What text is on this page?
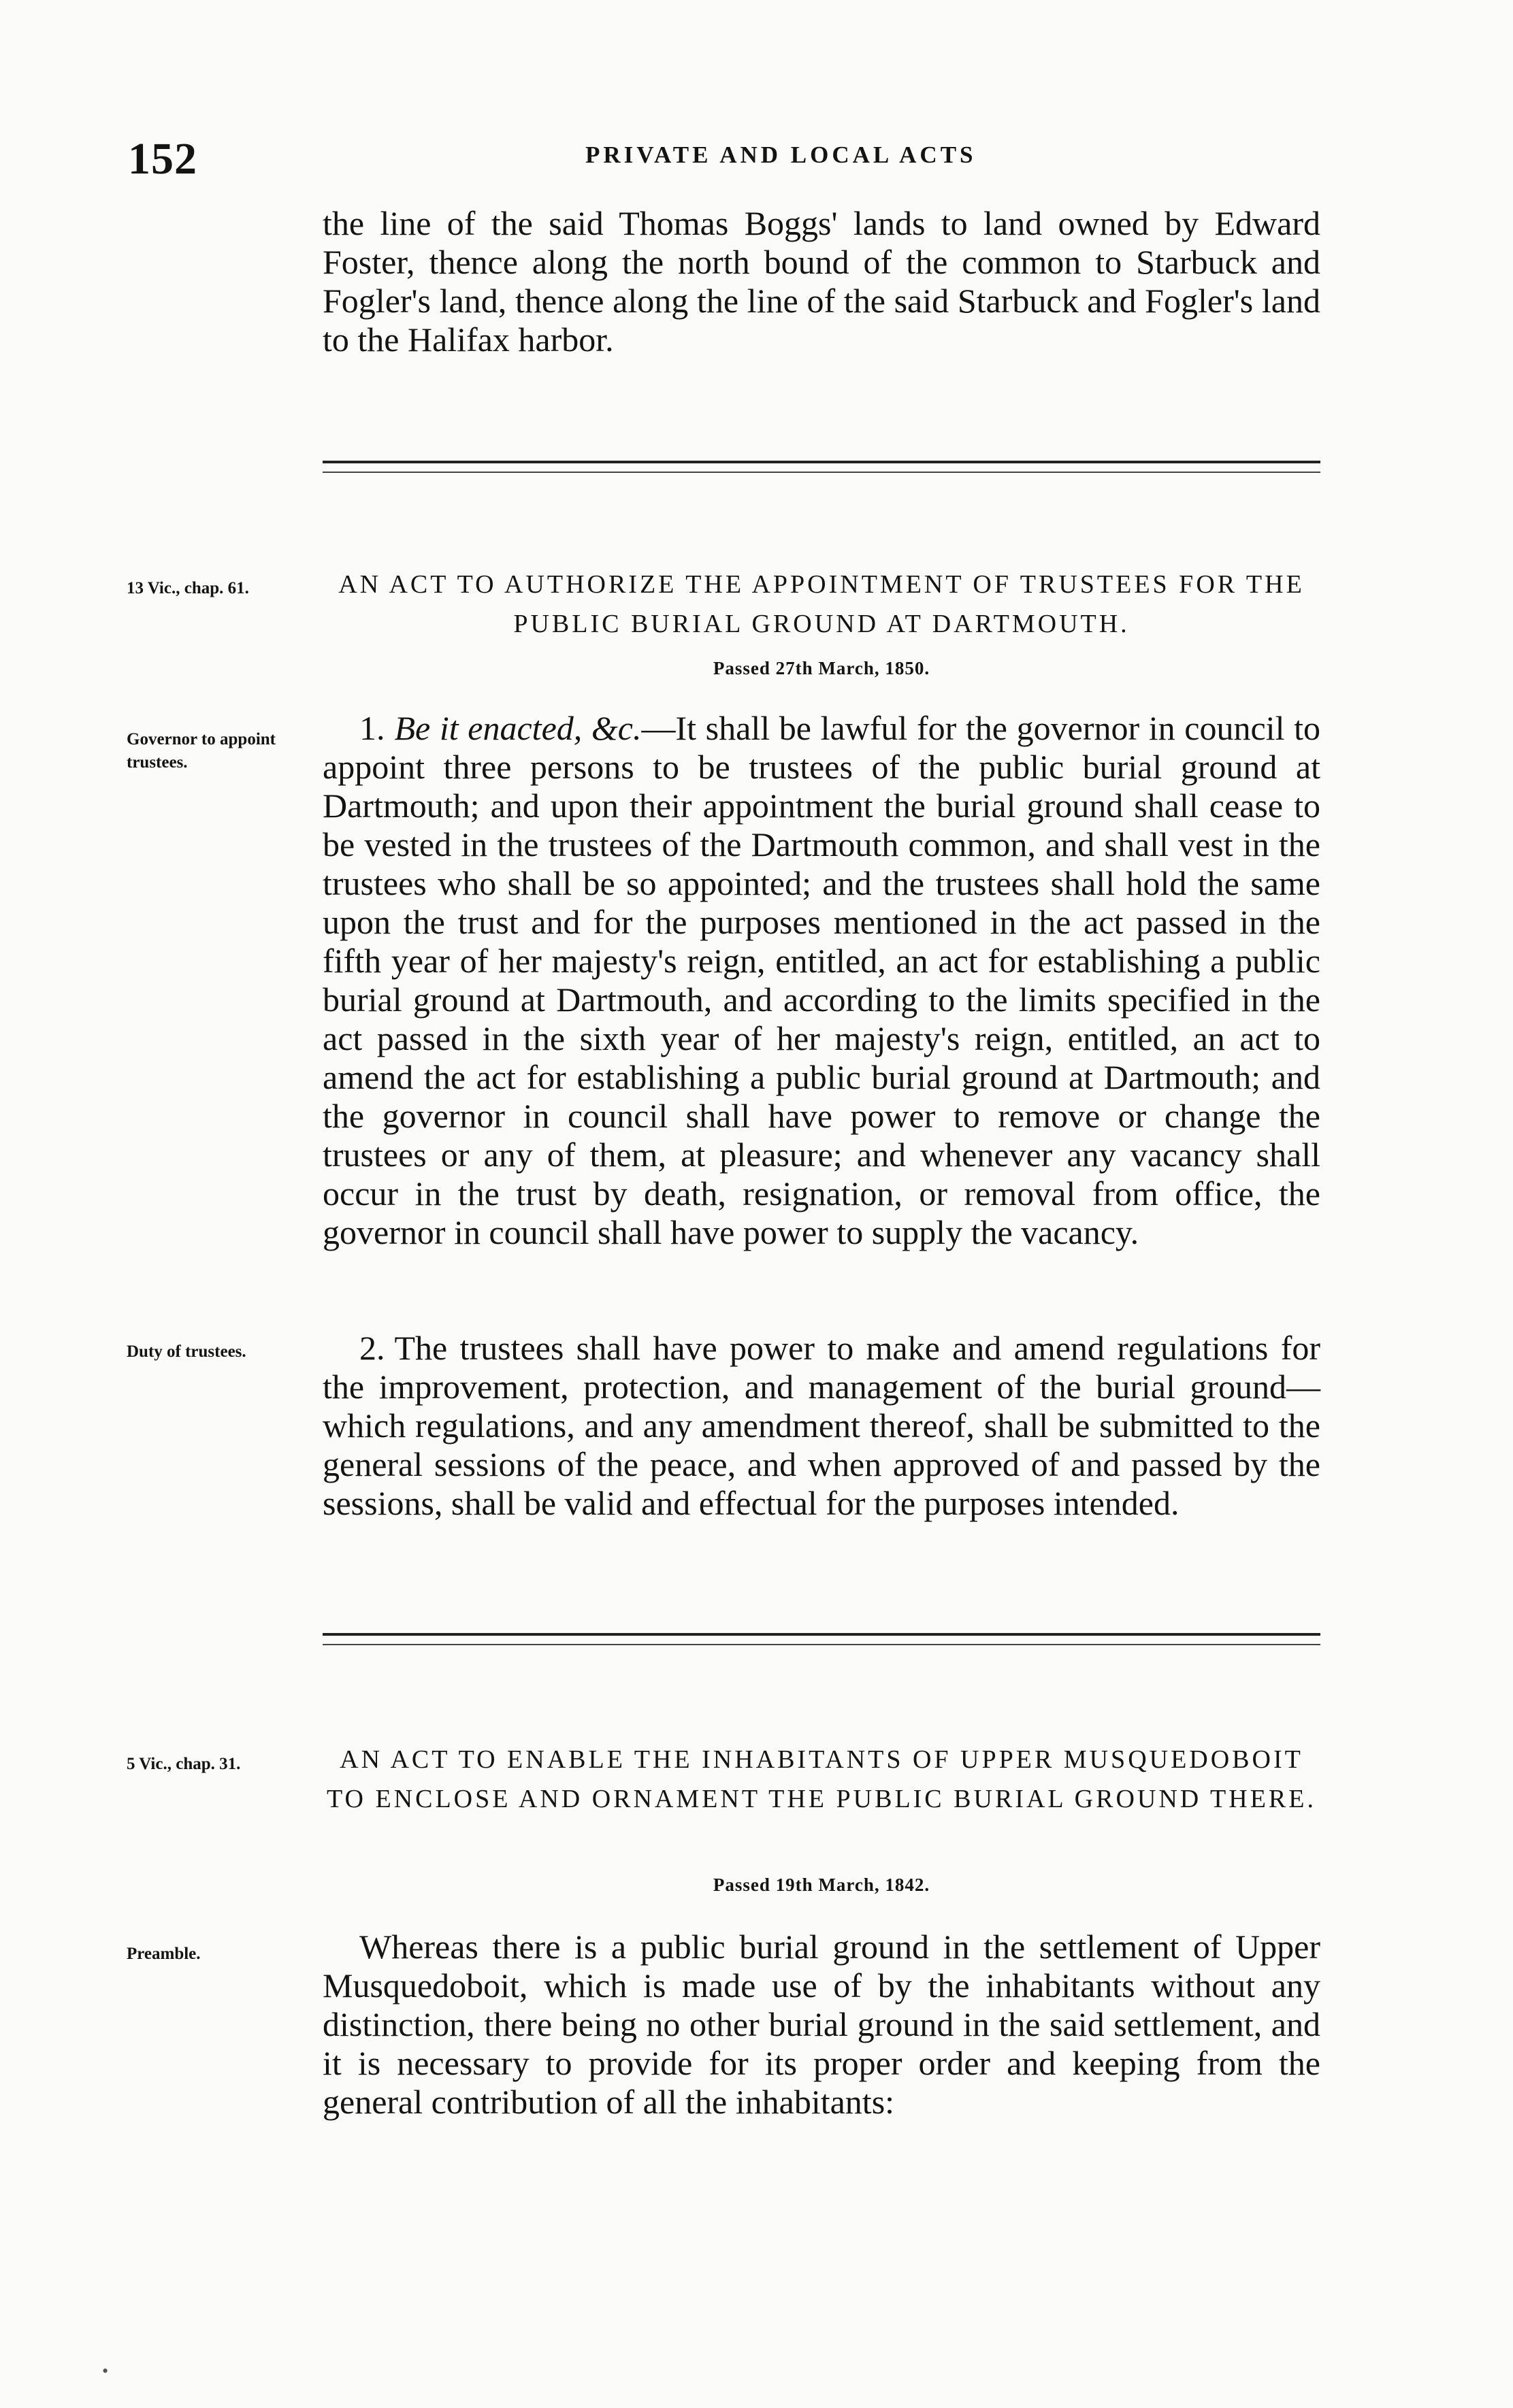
152	PRIVATE AND LOCAL ACTS

the line of the said Thomas Boggs' lands to land owned by Edward Foster, thence along the north bound of the common to Starbuck and Fogler's land, thence along the line of the said Starbuck and Fogler's land to the Halifax harbor.

13 Vic., chap. 61.	AN ACT TO AUTHORIZE THE APPOINTMENT OF TRUSTEES FOR THE PUBLIC BURIAL GROUND AT DARTMOUTH.
Passed 27th March, 1850.
Governor to appoint trustees.

1. Be it enacted, &c.—It shall be lawful for the governor in council to appoint three persons to be trustees of the public burial ground at Dartmouth; and upon their appointment the burial ground shall cease to be vested in the trustees of the Dartmouth common, and shall vest in the trustees who shall be so appointed; and the trustees shall hold the same upon the trust and for the purposes mentioned in the act passed in the fifth year of her majesty's reign, entitled, an act for establishing a public burial ground at Dartmouth, and according to the limits specified in the act passed in the sixth year of her majesty's reign, entitled, an act to amend the act for establishing a public burial ground at Dartmouth; and the governor in council shall have power to remove or change the trustees or any of them, at pleasure; and whenever any vacancy shall occur in the trust by death, resignation, or removal from office, the governor in council shall have power to supply the vacancy.

Duty of trustees.	2. The trustees shall have power to make and amend regulations for the improvement, protection, and management of the burial ground—which regulations, and any amendment thereof, shall be submitted to the general sessions of the peace, and when approved of and passed by the sessions, shall be valid and effectual for the purposes intended.

5 Vic., chap. 31.	AN ACT TO ENABLE THE INHABITANTS OF UPPER MUSQUEDOBOIT TO ENCLOSE AND ORNAMENT THE PUBLIC BURIAL GROUND THERE.
Passed 19th March, 1842.
Preamble.	Whereas there is a public burial ground in the settlement of Upper Musquedoboit, which is made use of by the inhabitants without any distinction, there being no other burial ground in the said settlement, and it is necessary to provide for its proper order and keeping from the general contribution of all the inhabitants:

•
